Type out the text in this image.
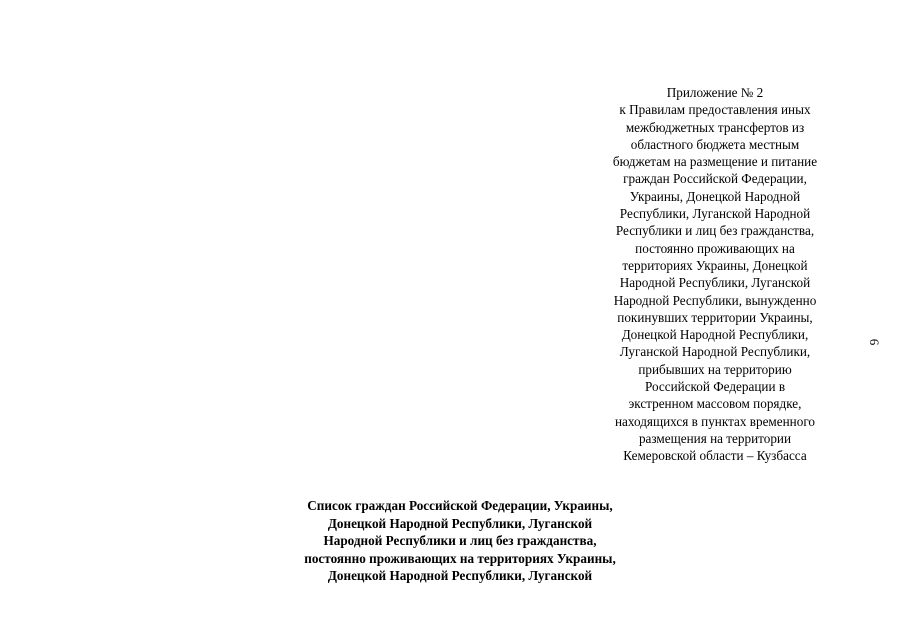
Приложение № 2
к Правилам предоставления иных
межбюджетных трансфертов из
областного бюджета местным
бюджетам на размещение и питание
граждан Российской Федерации,
Украины, Донецкой Народной
Республики, Луганской Народной
Республики и лиц без гражданства,
постоянно проживающих на
территориях Украины, Донецкой
Народной Республики, Луганской
Народной Республики, вынужденно
покинувших территории Украины,
Донецкой Народной Республики,
Луганской Народной Республики,
прибывших на территорию
Российской Федерации в
экстренном массовом порядке,
находящихся в пунктах временного
размещения на территории
Кемеровской области – Кузбасса
Список граждан Российской Федерации, Украины,
Донецкой Народной Республики, Луганской
Народной Республики и лиц без гражданства,
постоянно проживающих на территориях Украины,
Донецкой Народной Республики, Луганской
6
